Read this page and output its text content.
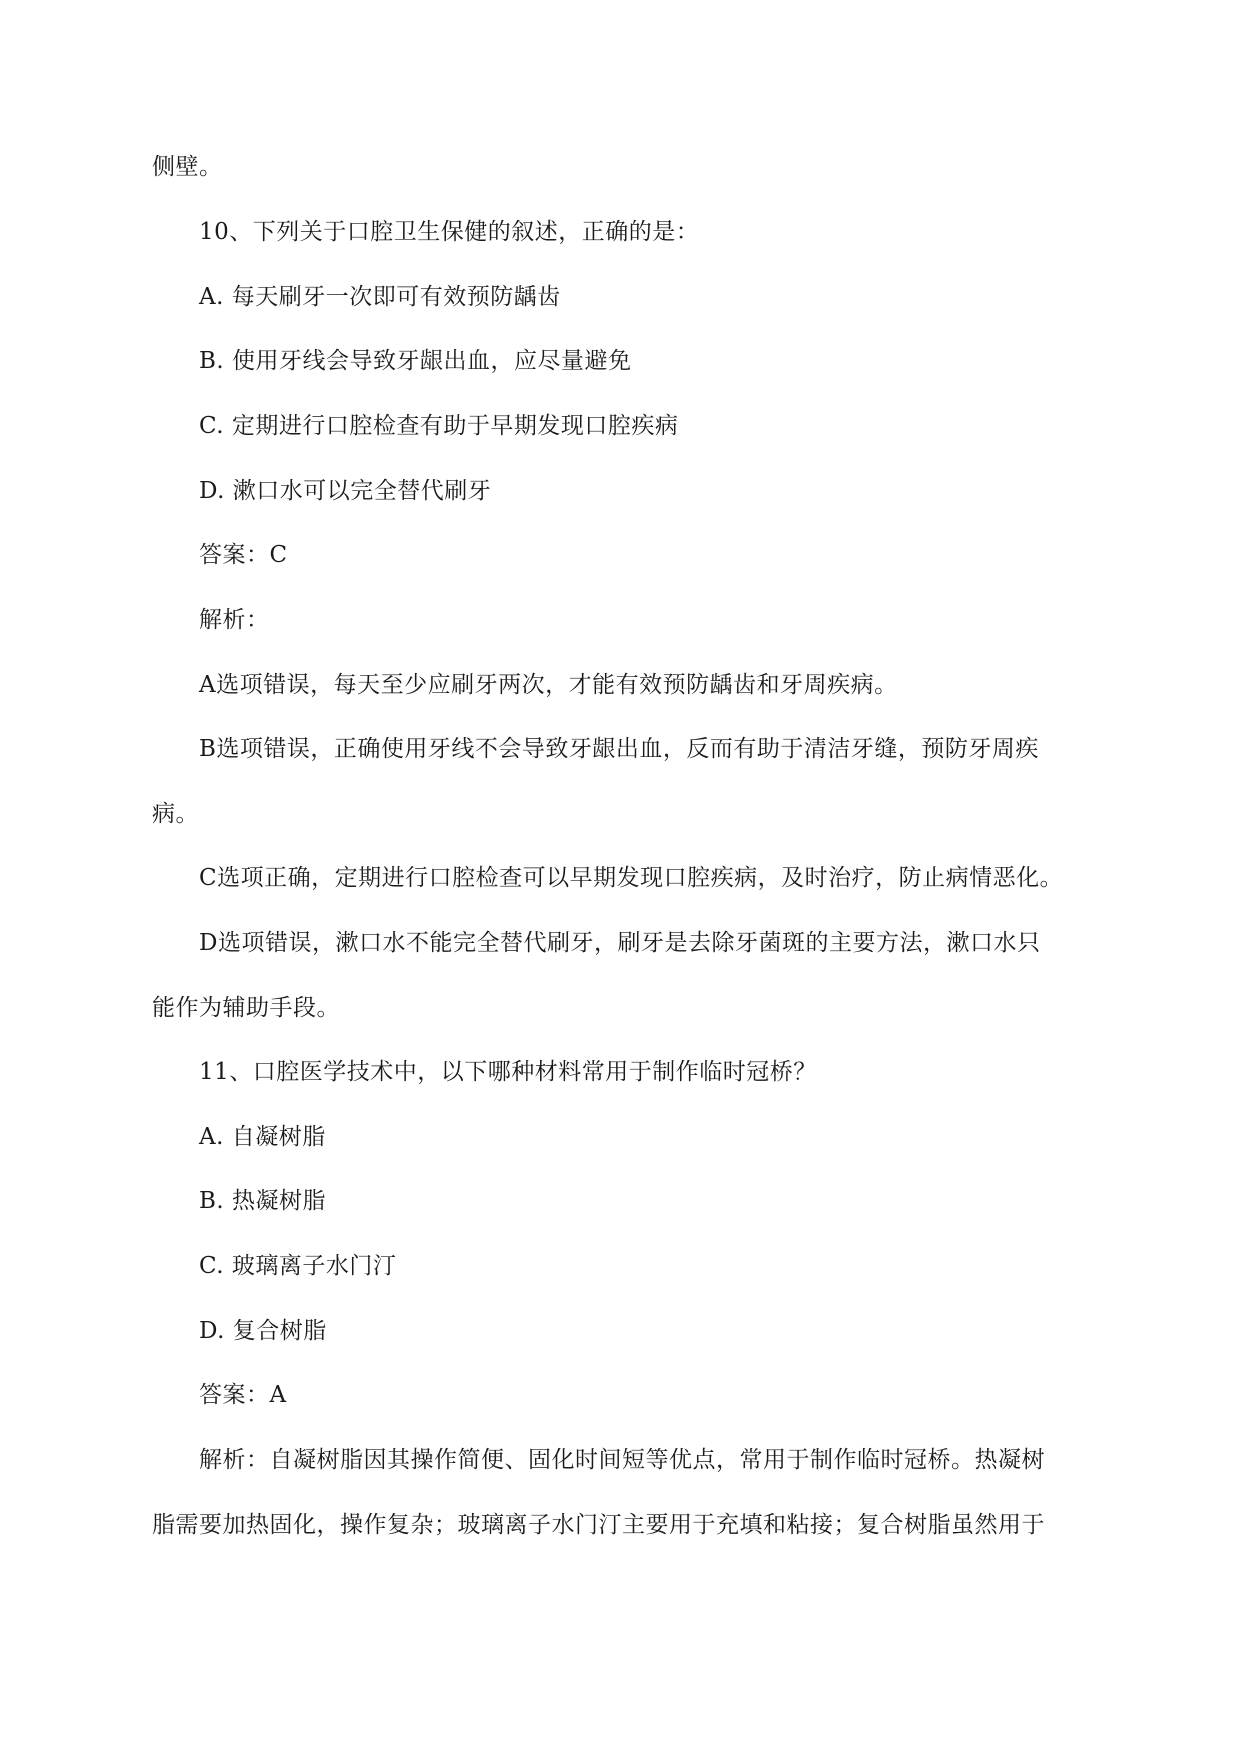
侧壁。
10、下列关于口腔卫生保健的叙述，正确的是：
A. 每天刷牙一次即可有效预防龋齿
B. 使用牙线会导致牙龈出血，应尽量避免
C. 定期进行口腔检查有助于早期发现口腔疾病
D. 漱口水可以完全替代刷牙
答案：C
解析：
A选项错误，每天至少应刷牙两次，才能有效预防龋齿和牙周疾病。
B选项错误，正确使用牙线不会导致牙龈出血，反而有助于清洁牙缝，预防牙周疾
病。
C选项正确，定期进行口腔检查可以早期发现口腔疾病，及时治疗，防止病情恶化。
D选项错误，漱口水不能完全替代刷牙，刷牙是去除牙菌斑的主要方法，漱口水只
能作为辅助手段。
11、口腔医学技术中，以下哪种材料常用于制作临时冠桥？
A. 自凝树脂
B. 热凝树脂
C. 玻璃离子水门汀
D. 复合树脂
答案：A
解析：自凝树脂因其操作简便、固化时间短等优点，常用于制作临时冠桥。热凝树
脂需要加热固化，操作复杂；玻璃离子水门汀主要用于充填和粘接；复合树脂虽然用于
